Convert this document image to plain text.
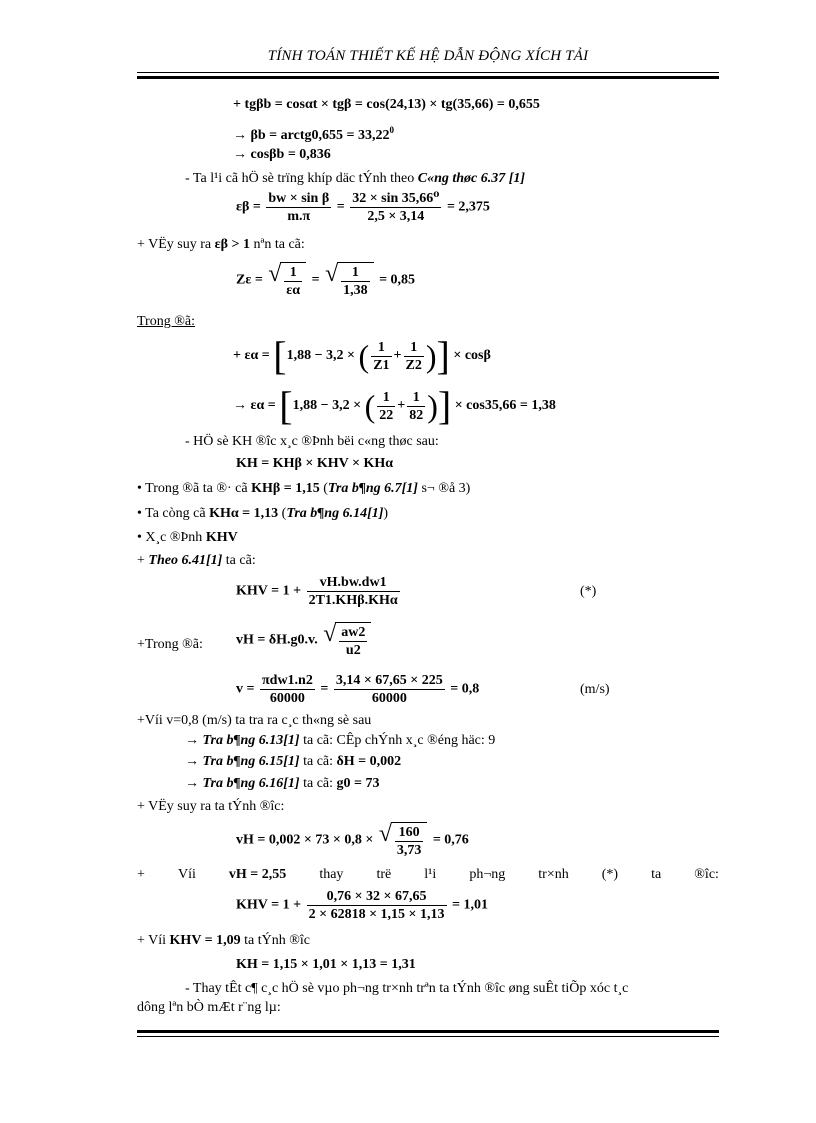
TÍNH TOÁN THIẾT KẾ HỆ DẪN ĐỘNG XÍCH TẢI
+ tgβb = cosαt × tgβ = cos(24,13) × tg(35,66) = 0,655
→ βb = arctg0,655 = $33,22^0$
→ cosβb = 0,836
- Ta l¹i cã hÖ sè trïng khíp däc tÝnh theo C«ng thøc 6.37 [1]
$\varepsilon\beta = \frac{\text{bw × sin β}}{m.\pi} = \frac{\text{32 × sin 35,66⁰}}{2,5 \times 3,14} = 2,375$
+ VËy suy ra εβ > 1 nªn ta cã:
Zε = √ $\frac{1}{\varepsilon\alpha}$ = √ $\frac{1}{1,38} = 0,85$
Trong ®ã:
+ εα = [1,88 − 3,2 × ( $\frac{1}{Z1} + \frac{1}{Z2}$ )] × cosβ
→ εα = [1,88 − 3,2 × ( $\frac{1}{22} + \frac{1}{82}$ )] × cos35,66 = 1,38
- HÖ sè KH ®îc x¸c ®Þnh bëi c«ng thøc sau:
KH = KHβ × KHV × KHα
• Trong ®ã ta ®· cã KHβ = 1,15 (Tra b¶ng 6.7[1] s¬ ®å 3)
• Ta còng cã KHα = 1,13 (Tra b¶ng 6.14[1])
• X¸c ®Þnh KHV
+ Theo 6.41[1] ta cã:
KHV = $1 + \frac{vH.bw.dw1}{\text{2T1.KHβ.KHα}}$	(*)
+Trong ®ã: vH = δH.g0.v. √ $\frac{aw2}{u2}$
$v = \frac{\text{πdw1.n2}}{60000} = \frac{3,14 \times 67,65 \times 225}{60000} = 0,8$	(m/s)
+Víi v=0,8 (m/s) ta tra ra c¸c th«ng sè sau
→ Tra b¶ng 6.13[1] ta cã: CÊp chÝnh x¸c ®éng häc: 9
→ Tra b¶ng 6.15[1] ta cã: δH = 0,002
→ Tra b¶ng 6.16[1] ta cã: g0 = 73
+ VËy suy ra ta tÝnh ®îc:
vH = 0,002 × 73 × 0,8 × √ $\frac{160}{3,73} = 0,76$
+ Víi vH = 2,55 thay trë l¹i ph¬ng tr×nh (*) ta ®îc:
KHV = $1 + \frac{0,76 \times 32 \times 67,65}{2 \times 62818 \times 1,15 \times 1,13} = 1,01$
+ Víi KHV = 1,09 ta tÝnh ®îc
KH = 1,15 × 1,01 × 1,13 = 1,31
- Thay tÊt c¶ c¸c hÖ sè vµo ph¬ng tr×nh trªn ta tÝnh ®îc øng suÊt tiÕp xóc t¸c
dông lªn bÒ mÆt r¨ng lµ:
